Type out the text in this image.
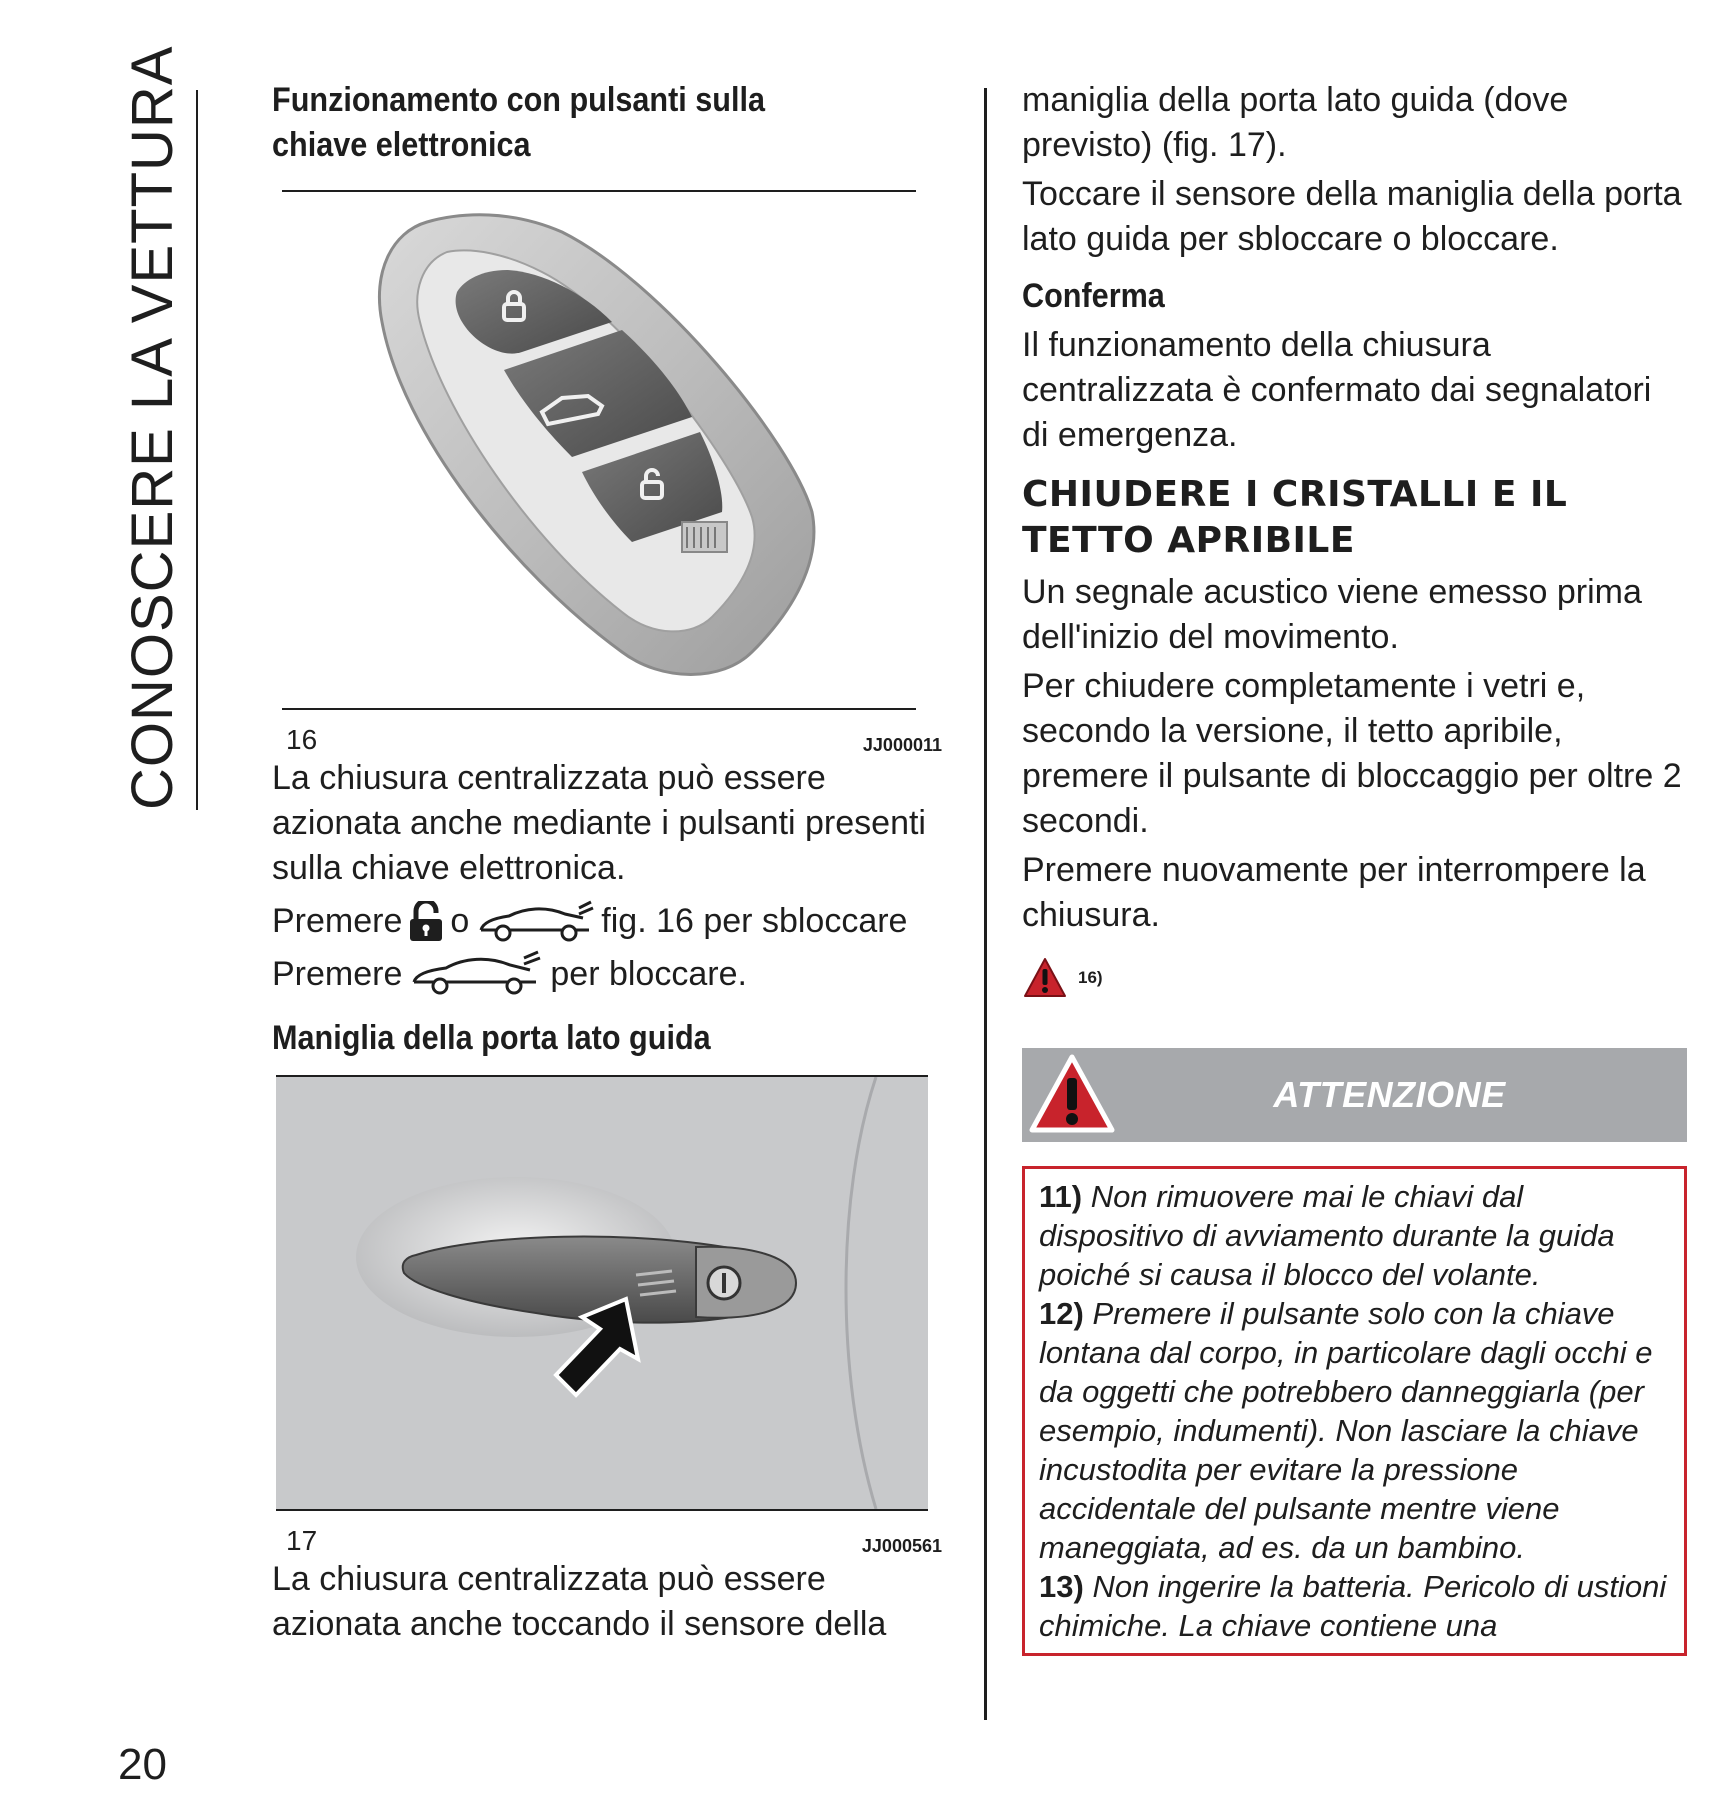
CONOSCERE LA VETTURA	Funzionamento con pulsanti sulla chiave elettronica
16	JJ000011

La chiusura centralizzata può essere azionata anche mediante i pulsanti presenti sulla chiave elettronica.

Premere o	fig. 16 per sbloccare
Premere	per bloccare.
Maniglia della porta lato guida
17	JJ000561

La chiusura centralizzata può essere azionata anche toccando il sensore della

maniglia della porta lato guida (dove previsto) (fig. 17).

Toccare il sensore della maniglia della porta lato guida per sbloccare o bloccare.

Conferma

Il funzionamento della chiusura centralizzata è confermato dai segnalatori di emergenza.

CHIUDERE I CRISTALLI E IL TETTO APRIBILE

Un segnale acustico viene emesso prima dell'inizio del movimento.

Per chiudere completamente i vetri e, secondo la versione, il tetto apribile, premere il pulsante di bloccaggio per oltre 2 secondi.

Premere nuovamente per interrompere la chiusura.

16)
ATTENZIONE

11) Non rimuovere mai le chiavi dal dispositivo di avviamento durante la guida poiché si causa il blocco del volante.

12) Premere il pulsante solo con la chiave lontana dal corpo, in particolare dagli occhi e da oggetti che potrebbero danneggiarla (per esempio, indumenti). Non lasciare la chiave incustodita per evitare la pressione accidentale del pulsante mentre viene maneggiata, ad es. da un bambino.

13) Non ingerire la batteria. Pericolo di ustioni chimiche. La chiave contiene una

20
